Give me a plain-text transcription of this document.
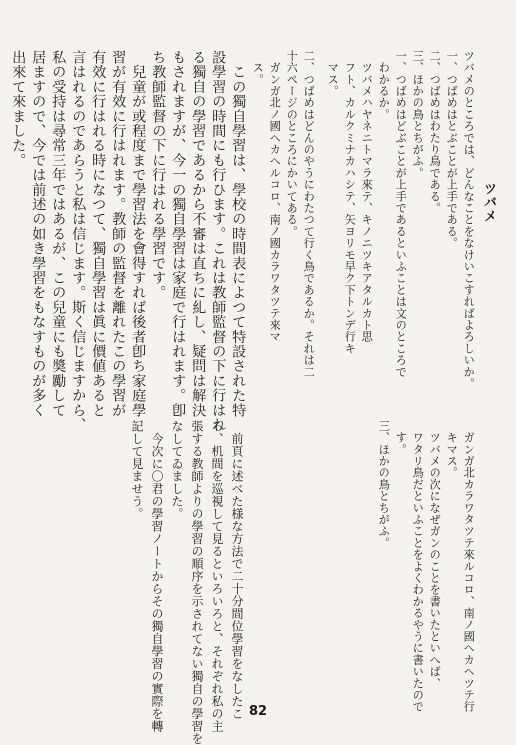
　この獨自學習は、學校の時間表によつて特設された特
設學習の時間にも行ひます。これは教師監督の下に行はれ
る獨自の學習であるから不審は直ちに糺し、疑問は解決
もされますが、今一の獨自學習は家庭で行はれます。卽
ち教師監督の下に行はれる學習です。
　兒童が或程度まで學習法を會得すれば後者卽ち家庭學
習が有效に行はれます。教師の監督を離れたこの學習が
有效に行はれる時になつて、獨自學習は眞に價値あると
言はれるのであらうと私は信じます。斯く信じますから、
私の受持は尋常三年ではあるが、この兒童にも奬勵して
居ますので、今では前述の如き學習をもなすものが多く
出來て來ました。
ツバメ
ツバメのところでは、どんなことをなけいこすればよろしいか。
一、つばめはとぶことが上手である。
二、つばめはわたり鳥である。
三、ほかの鳥とちがふ。
一、つばめはどぶことが上手であるといふことは文のところで
　わかるか。
　ツバメハヤネニトマラ來テ、キノニツキアタルカト思
　フト、カルクミナカハシテ、矢ヨリモ早ク下トンデ行キ
　マス。
二、つばめはどんのやうにわたつて行く鳥であるか。それは二
十六ページのところにかいてある。
　ガンガ北ノ國ヘカヘルコロ、南ノ國カラワタツテ來マ
　ス。
　ガンガ北カラワタツテ來ルコロ、南ノ國ヘカヘツテ行
　キマス。
　ツバメの次になぜガンのことを書いたといへば、
　ワタリ鳥だといふことをよくわかるやうに書いたので
　す。
三、ほかの鳥とちがふ。
　前頁に述べた様な方法で二十分間位學習をなしたこ
ろ、机間を巡視して見るといろいろと、それぞれ私の主
張する教師よりの學習の順序を示されてない獨自の學習を
なしてゐました。
　今次に〇君の學習ノートからその獨自學習の實際を轉
記して見ませう。
82
